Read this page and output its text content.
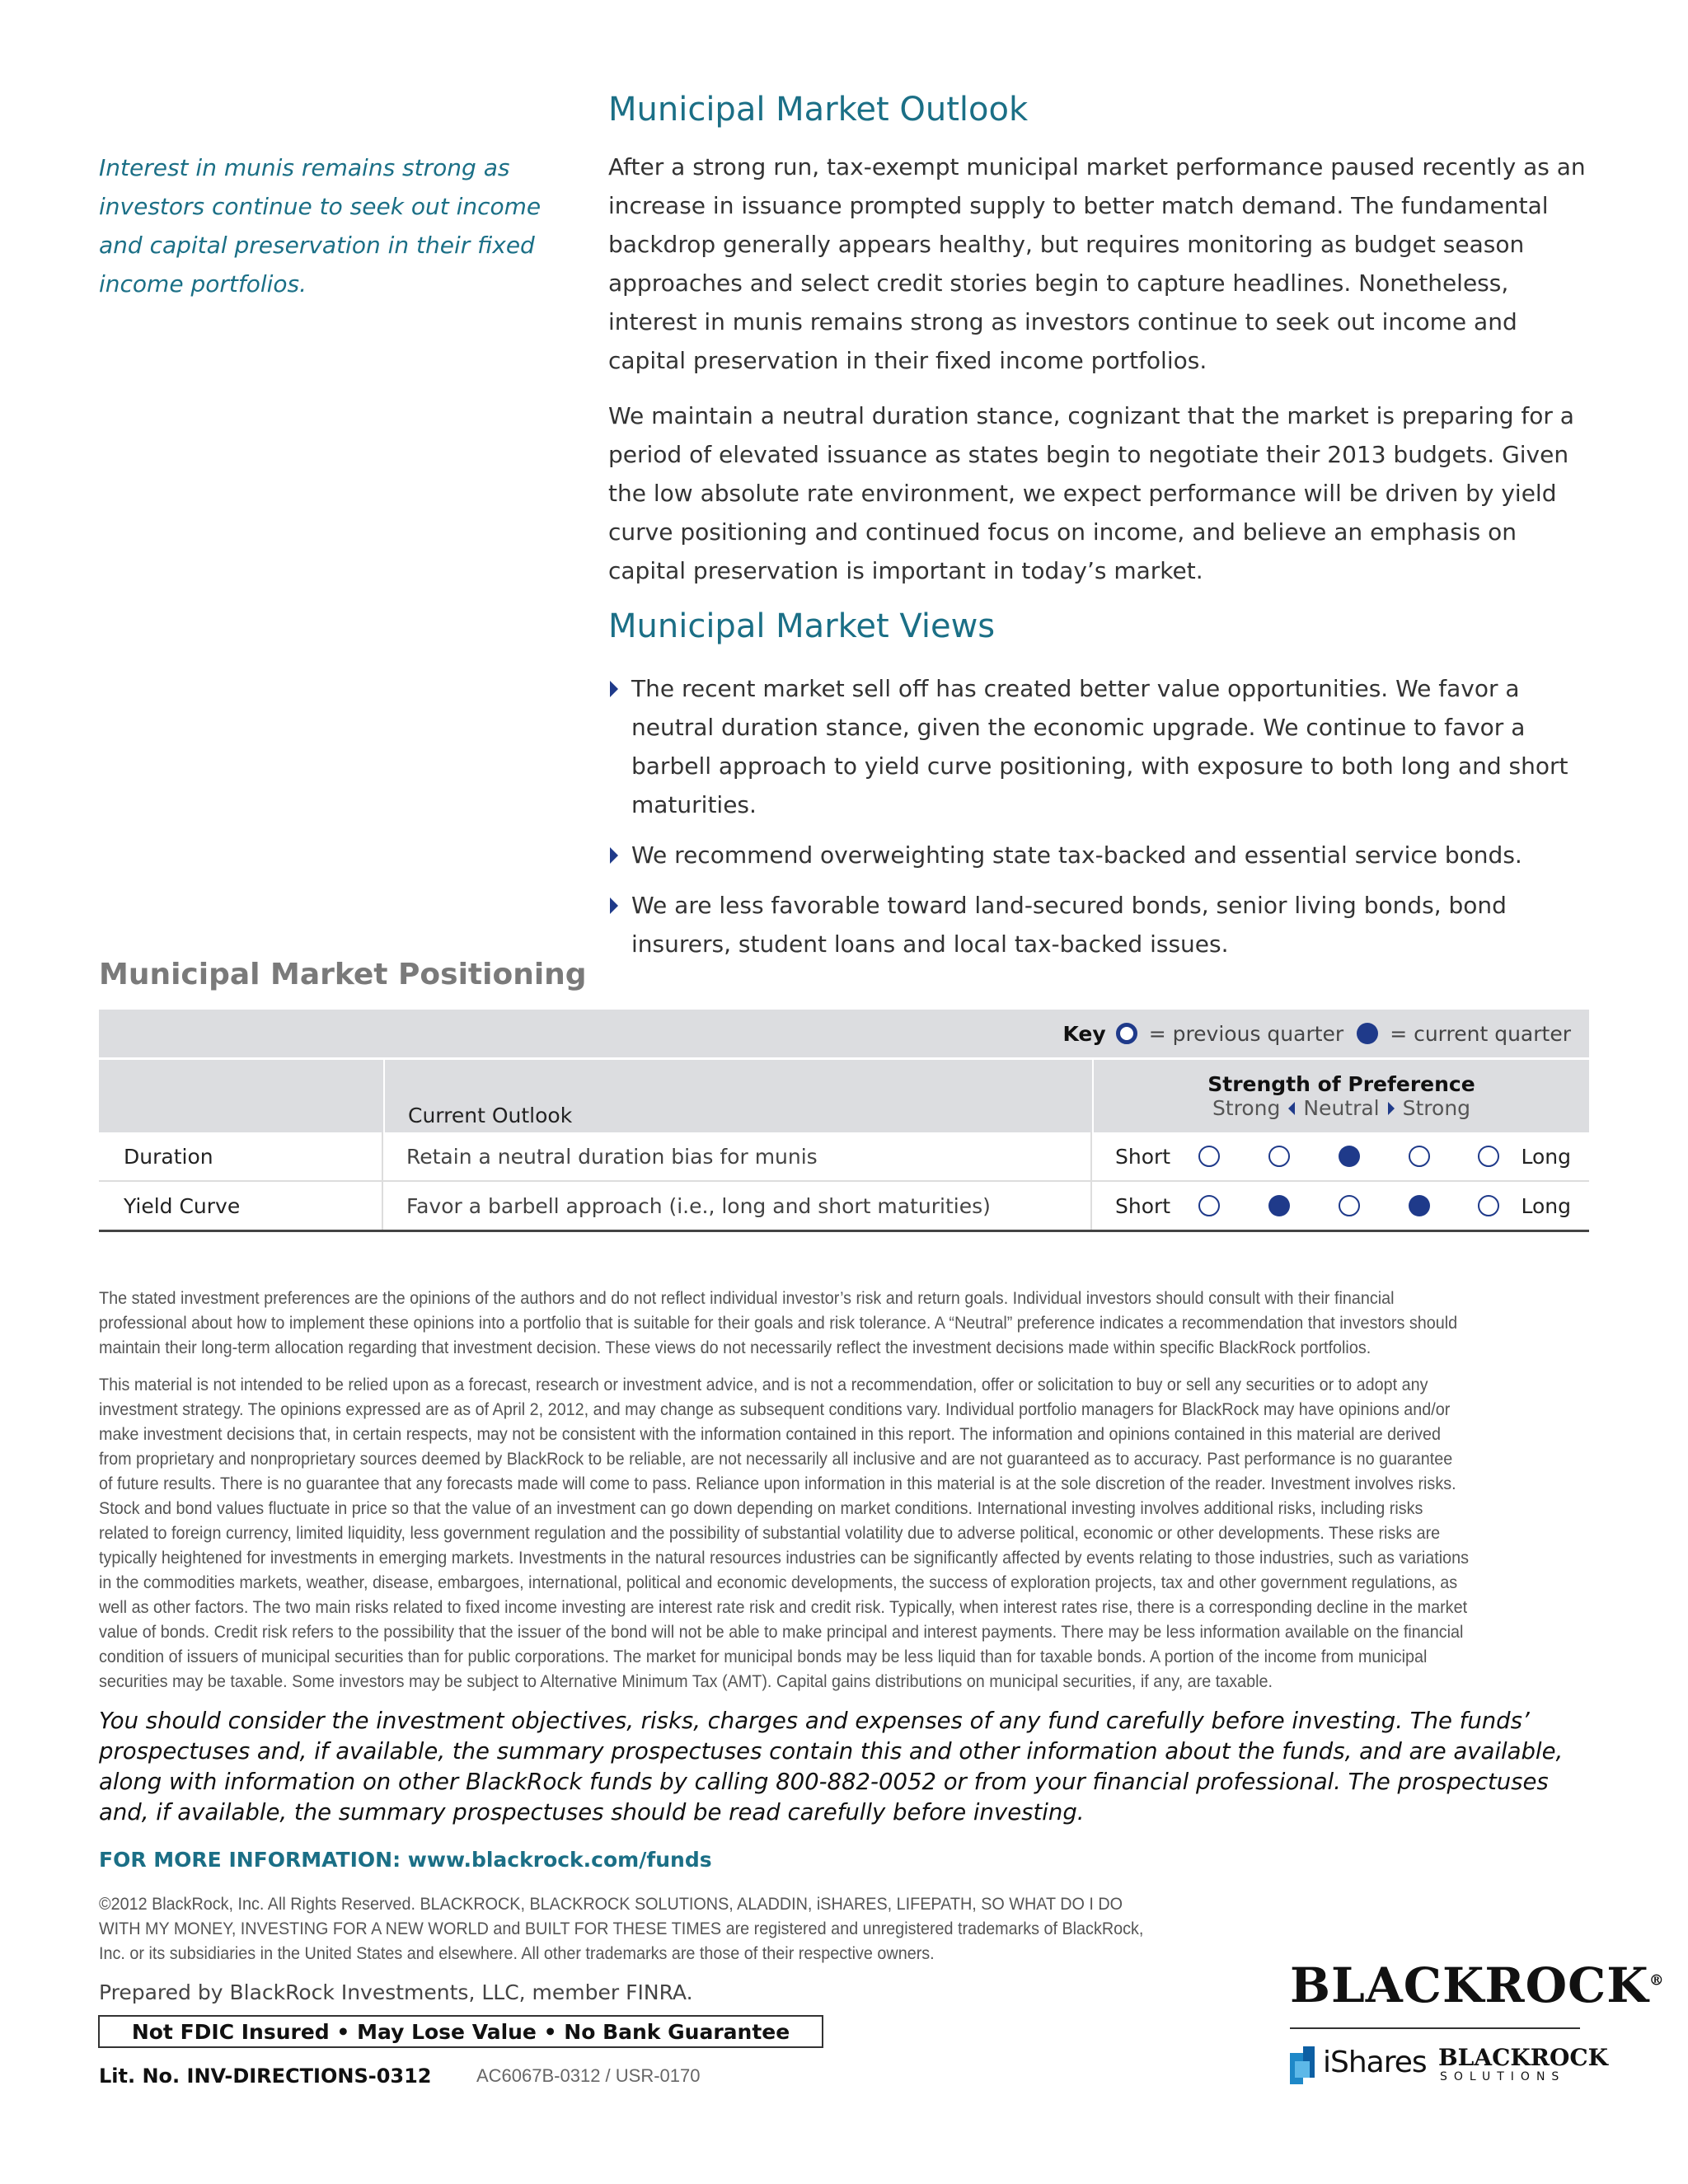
Municipal Market Outlook
Interest in munis remains strong as investors continue to seek out income and capital preservation in their fixed income portfolios.

After a strong run, tax-exempt municipal market performance paused recently as an increase in issuance prompted supply to better match demand. The fundamental backdrop generally appears healthy, but requires monitoring as budget season approaches and select credit stories begin to capture headlines. Nonetheless, interest in munis remains strong as investors continue to seek out income and capital preservation in their fixed income portfolios.

We maintain a neutral duration stance, cognizant that the market is preparing for a period of elevated issuance as states begin to negotiate their 2013 budgets. Given the low absolute rate environment, we expect performance will be driven by yield curve positioning and continued focus on income, and believe an emphasis on capital preservation is important in today’s market.

Municipal Market Views
The recent market sell off has created better value opportunities. We favor a neutral duration stance, given the economic upgrade. We continue to favor a barbell approach to yield curve positioning, with exposure to both long and short maturities.
We recommend overweighting state tax-backed and essential service bonds.
We are less favorable toward land-secured bonds, senior living bonds, bond insurers, student loans and local tax-backed issues.
Municipal Market Positioning
Key = previous quarter = current quarter
Current Outlook
Strength of Preference
Strong Neutral Strong
Duration	Retain a neutral duration bias for munis	Short	Long
Yield Curve	Favor a barbell approach (i.e., long and short maturities)	Short	Long

The stated investment preferences are the opinions of the authors and do not reflect individual investor’s risk and return goals. Individual investors should consult with their financial professional about how to implement these opinions into a portfolio that is suitable for their goals and risk tolerance. A “Neutral” preference indicates a recommendation that investors should maintain their long-term allocation regarding that investment decision. These views do not necessarily reflect the investment decisions made within specific BlackRock portfolios.

This material is not intended to be relied upon as a forecast, research or investment advice, and is not a recommendation, offer or solicitation to buy or sell any securities or to adopt any investment strategy. The opinions expressed are as of April 2, 2012, and may change as subsequent conditions vary. Individual portfolio managers for BlackRock may have opinions and/or make investment decisions that, in certain respects, may not be consistent with the information contained in this report. The information and opinions contained in this material are derived from proprietary and nonproprietary sources deemed by BlackRock to be reliable, are not necessarily all inclusive and are not guaranteed as to accuracy. Past performance is no guarantee of future results. There is no guarantee that any forecasts made will come to pass. Reliance upon information in this material is at the sole discretion of the reader. Investment involves risks. Stock and bond values fluctuate in price so that the value of an investment can go down depending on market conditions. International investing involves additional risks, including risks related to foreign currency, limited liquidity, less government regulation and the possibility of substantial volatility due to adverse political, economic or other developments. These risks are typically heightened for investments in emerging markets. Investments in the natural resources industries can be significantly affected by events relating to those industries, such as variations in the commodities markets, weather, disease, embargoes, international, political and economic developments, the success of exploration projects, tax and other government regulations, as well as other factors. The two main risks related to fixed income investing are interest rate risk and credit risk. Typically, when interest rates rise, there is a corresponding decline in the market value of bonds. Credit risk refers to the possibility that the issuer of the bond will not be able to make principal and interest payments. There may be less information available on the financial condition of issuers of municipal securities than for public corporations. The market for municipal bonds may be less liquid than for taxable bonds. A portion of the income from municipal securities may be taxable. Some investors may be subject to Alternative Minimum Tax (AMT). Capital gains distributions on municipal securities, if any, are taxable.

You should consider the investment objectives, risks, charges and expenses of any fund carefully before investing. The funds’ prospectuses and, if available, the summary prospectuses contain this and other information about the funds, and are available, along with information on other BlackRock funds by calling 800-882-0052 or from your financial professional. The prospectuses and, if available, the summary prospectuses should be read carefully before investing.

FOR MORE INFORMATION: www.blackrock.com/funds

©2012 BlackRock, Inc. All Rights Reserved. BLACKROCK, BLACKROCK SOLUTIONS, ALADDIN, iSHARES, LIFEPATH, SO WHAT DO I DO WITH MY MONEY, INVESTING FOR A NEW WORLD and BUILT FOR THESE TIMES are registered and unregistered trademarks of BlackRock, Inc. or its subsidiaries in the United States and elsewhere. All other trademarks are those of their respective owners.

Prepared by BlackRock Investments, LLC, member FINRA.
Not FDIC Insured • May Lose Value • No Bank Guarantee
Lit. No. INV-DIRECTIONS-0312 AC6067B-0312 / USR-0170
BLACKROCK®
iShares BLACKROCK
SOLUTIONS
